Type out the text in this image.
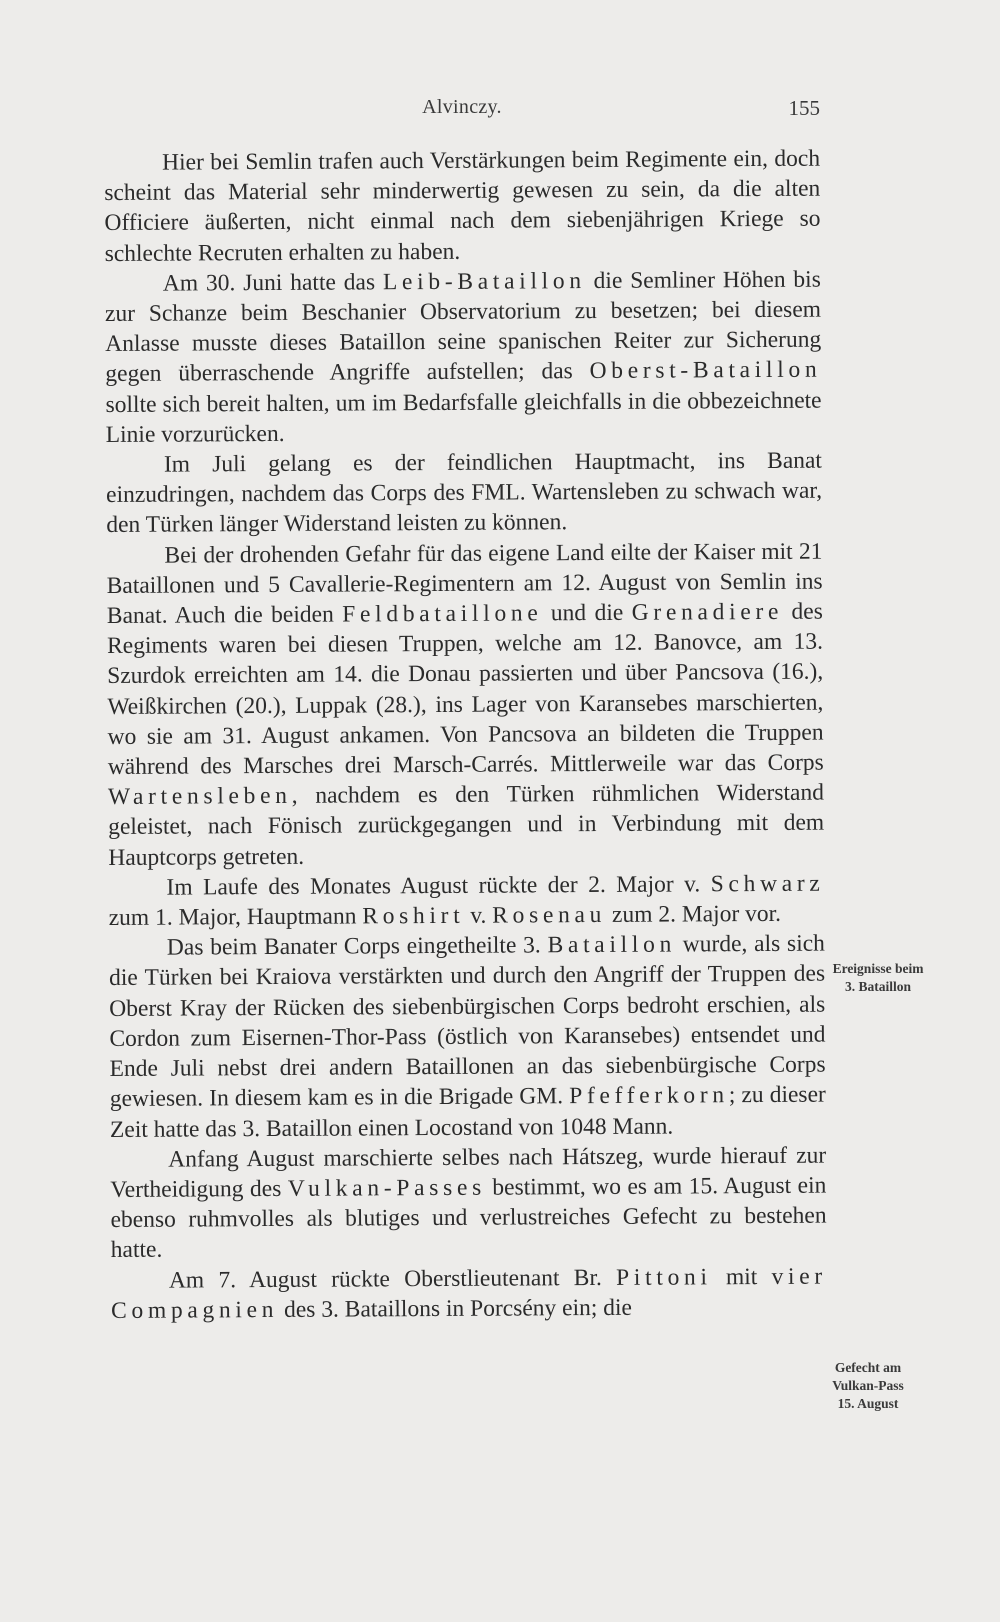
Alvinczy.	155

Hier bei Semlin trafen auch Verstärkungen beim Regimente ein, doch scheint das Material sehr minderwertig gewesen zu sein, da die alten Officiere äußerten, nicht einmal nach dem siebenjährigen Kriege so schlechte Recruten erhalten zu haben.

Am 30. Juni hatte das Leib-Bataillon die Semliner Höhen bis zur Schanze beim Beschanier Observatorium zu besetzen; bei diesem Anlasse musste dieses Bataillon seine spanischen Reiter zur Sicherung gegen überraschende Angriffe aufstellen; das Oberst-Bataillon sollte sich bereit halten, um im Bedarfsfalle gleichfalls in die obbezeichnete Linie vorzurücken.

Im Juli gelang es der feindlichen Hauptmacht, ins Banat einzudringen, nachdem das Corps des FML. Wartensleben zu schwach war, den Türken länger Widerstand leisten zu können.

Bei der drohenden Gefahr für das eigene Land eilte der Kaiser mit 21 Bataillonen und 5 Cavallerie-Regimentern am 12. August von Semlin ins Banat. Auch die beiden Feldbataillone und die Grenadiere des Regiments waren bei diesen Truppen, welche am 12. Banovce, am 13. Szurdok erreichten am 14. die Donau passierten und über Pancsova (16.), Weißkirchen (20.), Luppak (28.), ins Lager von Karansebes marschierten, wo sie am 31. August ankamen. Von Pancsova an bildeten die Truppen während des Marsches drei Marsch-Carrés. Mittlerweile war das Corps Wartensleben, nachdem es den Türken rühmlichen Widerstand geleistet, nach Fönisch zurückgegangen und in Verbindung mit dem Hauptcorps getreten.

Im Laufe des Monates August rückte der 2. Major v. Schwarz zum 1. Major, Hauptmann Roshirt v. Rosenau zum 2. Major vor.

Das beim Banater Corps eingetheilte 3. Bataillon wurde, als sich die Türken bei Kraiova verstärkten und durch den Angriff der Truppen des Oberst Kray der Rücken des siebenbürgischen Corps bedroht erschien, als Cordon zum Eisernen-Thor-Pass (östlich von Karansebes) entsendet und Ende Juli nebst drei andern Bataillonen an das siebenbürgische Corps gewiesen. In diesem kam es in die Brigade GM. Pfefferkorn; zu dieser Zeit hatte das 3. Bataillon einen Locostand von 1048 Mann.

Anfang August marschierte selbes nach Hátszeg, wurde hierauf zur Vertheidigung des Vulkan-Passes bestimmt, wo es am 15. August ein ebenso ruhmvolles als blutiges und verlustreiches Gefecht zu bestehen hatte.

Am 7. August rückte Oberstlieutenant Br. Pittoni mit vier Compagnien des 3. Bataillons in Porcsény ein; die

Ereignisse beim
3. Bataillon
Gefecht am
Vulkan-Pass
15. August
